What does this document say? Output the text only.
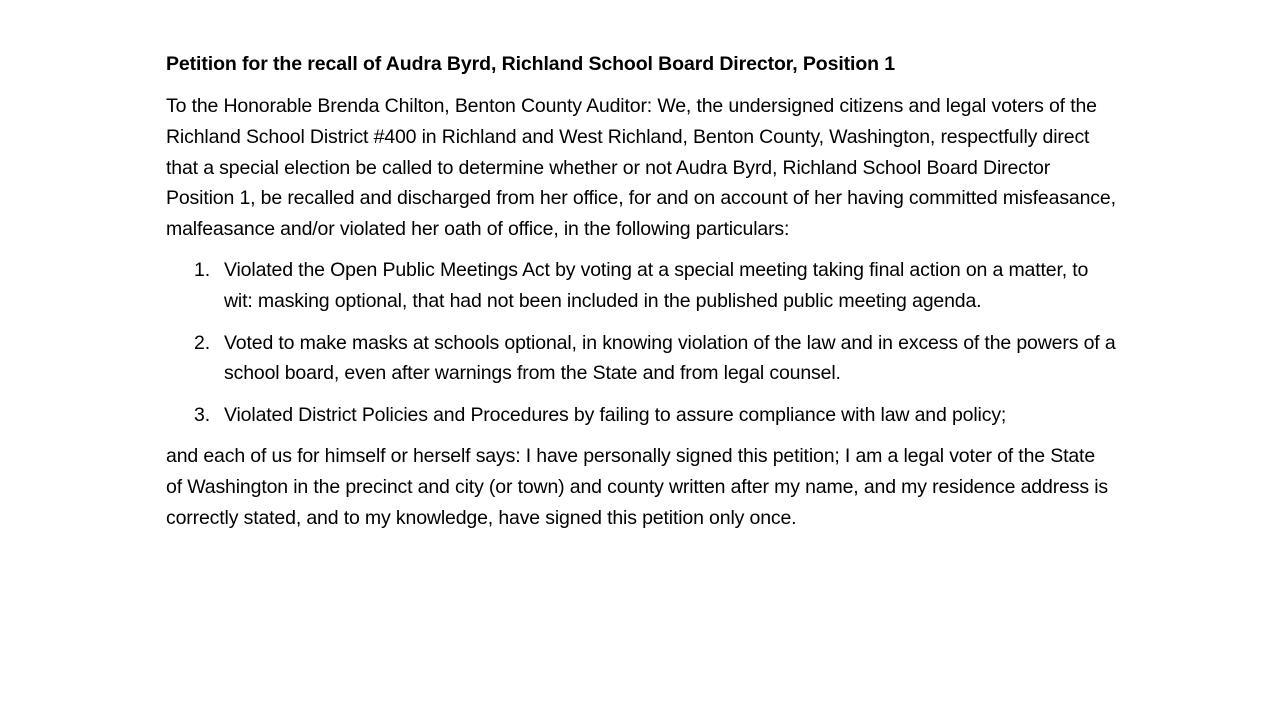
Petition for the recall of Audra Byrd, Richland School Board Director, Position 1

To the Honorable Brenda Chilton, Benton County Auditor: We, the undersigned citizens and legal voters of the Richland School District #400 in Richland and West Richland, Benton County, Washington, respectfully direct that a special election be called to determine whether or not Audra Byrd, Richland School Board Director Position 1, be recalled and discharged from her office, for and on account of her having committed misfeasance, malfeasance and/or violated her oath of office, in the following particulars:

1. Violated the Open Public Meetings Act by voting at a special meeting taking final action on a matter, to wit: masking optional, that had not been included in the published public meeting agenda.
2. Voted to make masks at schools optional, in knowing violation of the law and in excess of the powers of a school board, even after warnings from the State and from legal counsel.
3. Violated District Policies and Procedures by failing to assure compliance with law and policy;

and each of us for himself or herself says: I have personally signed this petition; I am a legal voter of the State of Washington in the precinct and city (or town) and county written after my name, and my residence address is correctly stated, and to my knowledge, have signed this petition only once.
